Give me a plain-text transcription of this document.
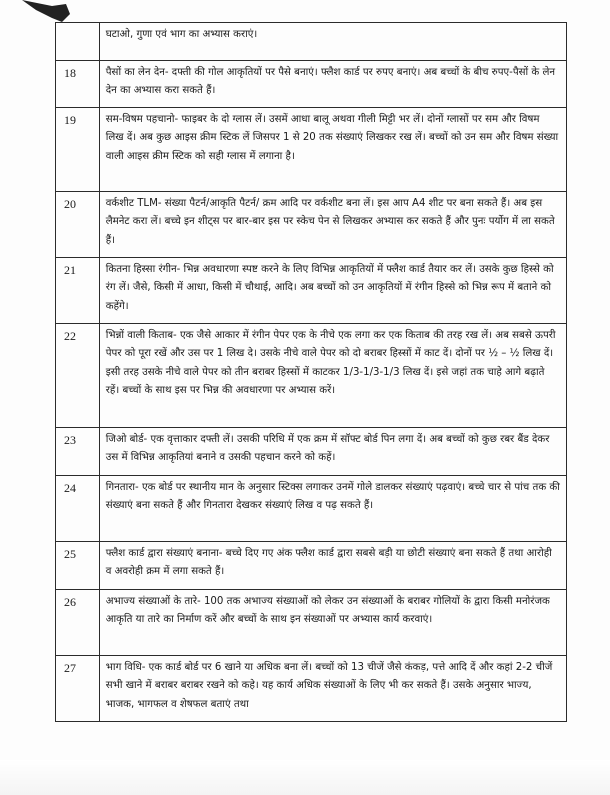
	घटाओ, गुणा एवं भाग का अभ्यास कराएं।
18	पैसों का लेन देन- दफ्ती की गोल आकृतियों पर पैसे बनाएं। फ्लैश कार्ड पर रुपए बनाएं। अब बच्चों के बीच रुपए-पैसों के लेन देन का अभ्यास करा सकते हैं।
19	सम-विषम पहचानो- फाइबर के दो ग्लास लें। उसमें आधा बालू अथवा गीली मिट्टी भर लें। दोनों ग्लासों पर सम और विषम लिख दें। अब कुछ आइस क्रीम स्टिक लें जिसपर 1 से 20 तक संख्याएं लिखकर रख लें। बच्चों को उन सम और विषम संख्या वाली आइस क्रीम स्टिक को सही ग्लास में लगाना है।
20	वर्कशीट TLM- संख्या पैटर्न/आकृति पैटर्न/ क्रम आदि पर वर्कशीट बना लें। इस आप A4 शीट पर बना सकते हैं। अब इस लैमनेट करा लें। बच्चे इन शीट्स पर बार-बार इस पर स्केच पेन से लिखकर अभ्यास कर सकते हैं और पुनः पर्योग में ला सकते हैं।
21	कितना हिस्सा रंगीन- भिन्न अवधारणा स्पष्ट करने के लिए विभिन्न आकृतियों में फ्लैश कार्ड तैयार कर लें। उसके कुछ हिस्से को रंग लें। जैसे, किसी में आधा, किसी में चौथाई, आदि। अब बच्चों को उन आकृतियों में रंगीन हिस्से को भिन्न रूप में बताने को कहेंगे।
22	भिन्नों वाली किताब- एक जैसे आकार में रंगीन पेपर एक के नीचे एक लगा कर एक किताब की तरह रख लें। अब सबसे ऊपरी पेपर को पूरा रखें और उस पर 1 लिख दे। उसके नीचे वाले पेपर को दो बराबर हिस्सों में काट दें। दोनों पर ½ – ½ लिख दें। इसी तरह उसके नीचे वाले पेपर को तीन बराबर हिस्सों में काटकर 1/3-1/3-1/3 लिख दें। इसे जहां तक चाहे आगे बढ़ाते रहें। बच्चों के साथ इस पर भिन्न की अवधारणा पर अभ्यास करें।
23	जिओ बोर्ड- एक वृत्ताकार दफ्ती लें। उसकी परिधि में एक क्रम में सॉफ्ट बोर्ड पिन लगा दें। अब बच्चों को कुछ रबर बैंड देकर उस में विभिन्न आकृतियां बनाने व उसकी पहचान करने को कहें।
24	गिनतारा- एक बोर्ड पर स्थानीय मान के अनुसार स्टिक्स लगाकर उनमें गोले डालकर संख्याएं पढ़वाएं। बच्चे चार से पांच तक की संख्याएं बना सकते हैं और गिनतारा देखकर संख्याएं लिख व पढ़ सकते हैं।
25	फ्लैश कार्ड द्वारा संख्याएं बनाना- बच्चे दिए गए अंक फ्लैश कार्ड द्वारा सबसे बड़ी या छोटी संख्याएं बना सकते हैं तथा आरोही व अवरोही क्रम में लगा सकते हैं।
26	अभाज्य संख्याओं के तारे- 100 तक अभाज्य संख्याओं को लेकर उन संख्याओं के बराबर गोलियों के द्वारा किसी मनोरंजक आकृति या तारे का निर्माण करें और बच्चों के साथ इन संख्याओं पर अभ्यास कार्य करवाएं।
27	भाग विधि- एक कार्ड बोर्ड पर 6 खाने या अधिक बना लें। बच्चों को 13 चीजें जैसे कंकड़, पत्ते आदि दें और कहां 2-2 चीजें सभी खाने में बराबर बराबर रखने को कहे। यह कार्य अधिक संख्याओं के लिए भी कर सकते हैं। उसके अनुसार भाज्य, भाजक, भागफल व शेषफल बताएं तथा
